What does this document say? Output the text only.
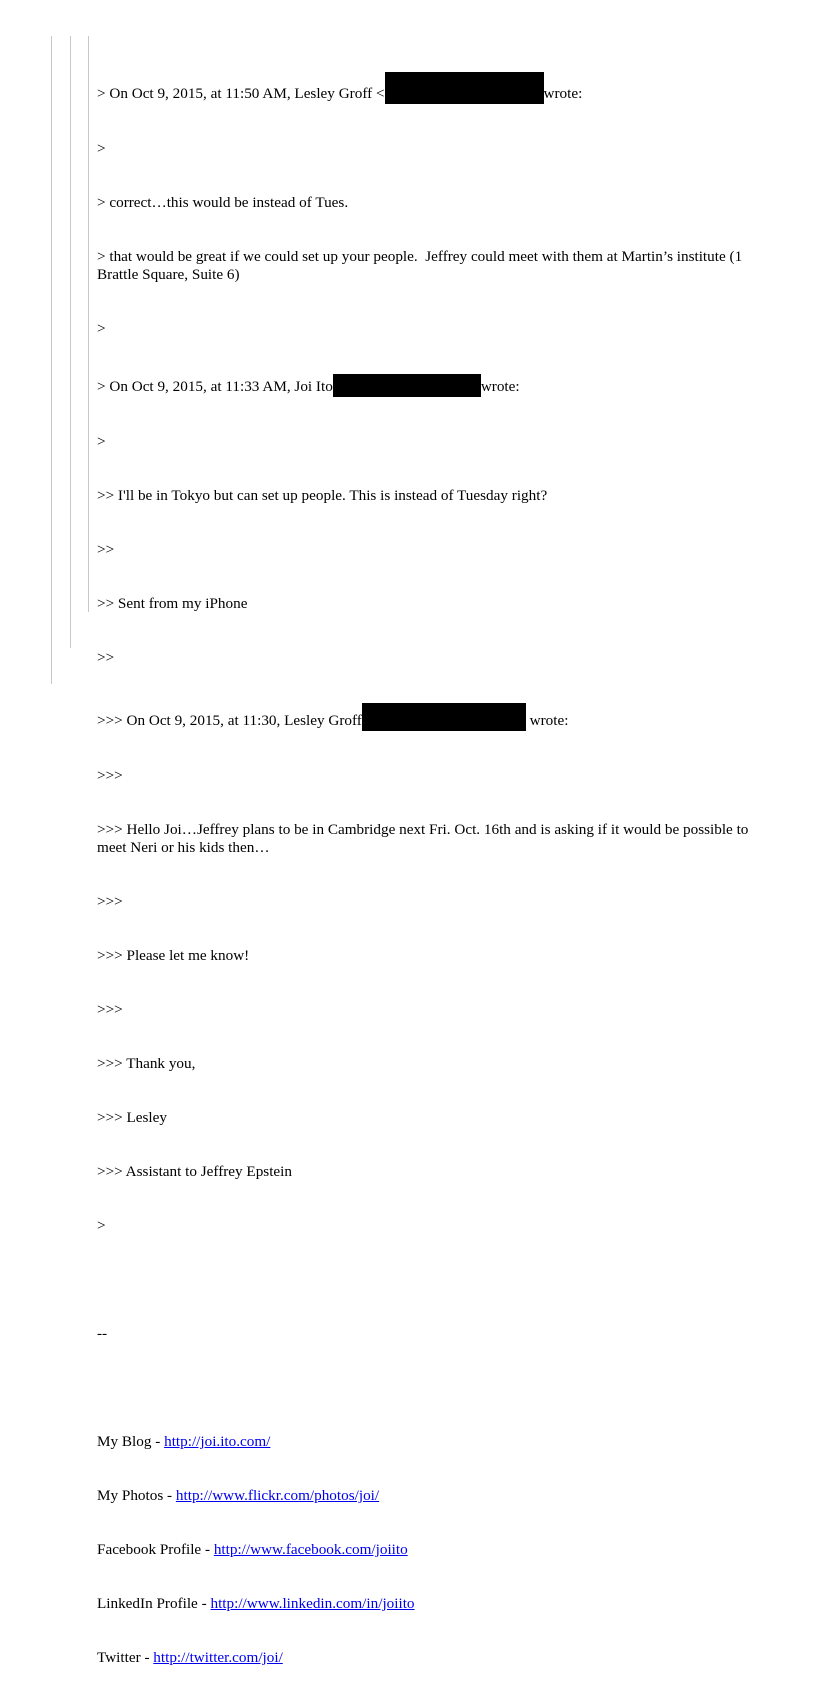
> On Oct 9, 2015, at 11:50 AM, Lesley Groff <	wrote:

>

> correct…this would be instead of Tues.

> that would be great if we could set up your people.  Jeffrey could meet with them at Martin’s institute (1 Brattle Square, Suite 6)

>

> On Oct 9, 2015, at 11:33 AM, Joi Ito	wrote:

>

>> I'll be in Tokyo but can set up people. This is instead of Tuesday right?

>>

>> Sent from my iPhone

>>

>>> On Oct 9, 2015, at 11:30, Lesley Groff	wrote:

>>>

>>> Hello Joi…Jeffrey plans to be in Cambridge next Fri. Oct. 16th and is asking if it would be possible to meet Neri or his kids then…

>>>

>>> Please let me know!

>>>

>>> Thank you,

>>> Lesley

>>> Assistant to Jeffrey Epstein

>

--

My Blog - http://joi.ito.com/

My Photos - http://www.flickr.com/photos/joi/

Facebook Profile - http://www.facebook.com/joiito

LinkedIn Profile - http://www.linkedin.com/in/joiito

Twitter - http://twitter.com/joi/
